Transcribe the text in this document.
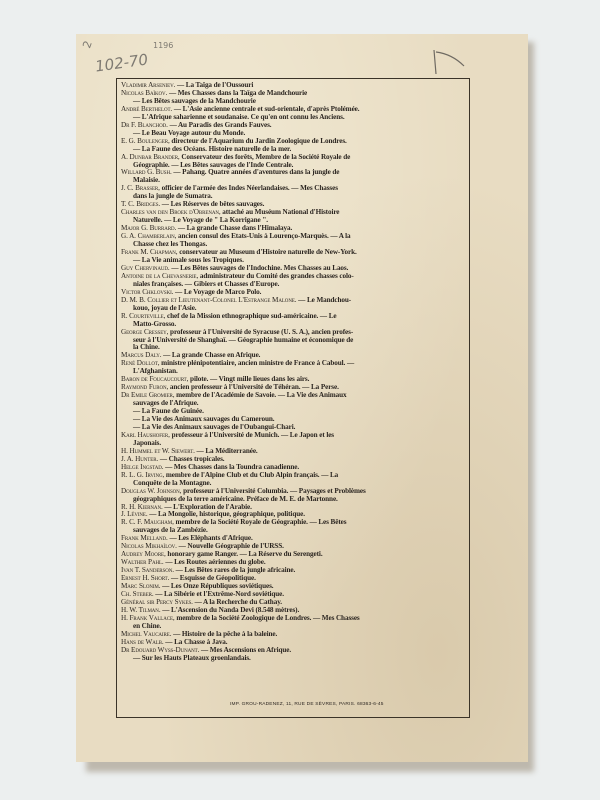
2
102-70
1196
Vladimir Arseniev. — La Taïga de l'Oussouri
Nicolas Baïkov. — Mes Chasses dans la Taïga de Mandchourie
— Les Bêtes sauvages de la Mandchourie
André Berthelot. — L'Asie ancienne centrale et sud-orientale, d'après Ptolémée.
— L'Afrique saharienne et soudanaise. Ce qu'en ont connu les Anciens.
Dr F. Blanchod. — Au Paradis des Grands Fauves.
— Le Beau Voyage autour du Monde.
E. G. Boulenger, directeur de l'Aquarium du Jardin Zoologique de Londres.
— La Faune des Océans. Histoire naturelle de la mer.
A. Dunbar Brander, Conservateur des forêts, Membre de la Société Royale de
Géographie. — Les Bêtes sauvages de l'Inde Centrale.
Willard G. Bush. — Pahang. Quatre années d'aventures dans la jungle de
Malaisie.
J. C. Brasser, officier de l'armée des Indes Néerlandaises. — Mes Chasses
dans la jungle de Sumatra.
T. C. Bridges. — Les Réserves de bêtes sauvages.
Charles van den Broek d'Obrenan, attaché au Muséum National d'Histoire
Naturelle. — Le Voyage de " La Korrigane ".
Major G. Burrard. — La grande Chasse dans l'Himalaya.
G. A. Chamberlain, ancien consul des États-Unis à Lourenço-Marquès. — A la
Chasse chez les Thongas.
Frank M. Chapman, conservateur au Museum d'Histoire naturelle de New-York.
— La Vie animale sous les Tropiques.
Guy Chervinaud. — Les Bêtes sauvages de l'Indochine. Mes Chasses au Laos.
Antoine de la Chevasnerie, administrateur du Comité des grandes chasses colo-
niales françaises. — Gibiers et Chasses d'Europe.
Victor Chklovski. — Le Voyage de Marco Polo.
D. M. B. Collier et Lieutenant-Colonel L'Estrange Malone. — Le Mandchou-
kouo, joyau de l'Asie.
R. Courteville, chef de la Mission ethnographique sud-américaine. — Le
Matto-Grosso.
George Cressey, professeur à l'Université de Syracuse (U. S. A.), ancien profes-
seur à l'Université de Shanghaï. — Géographie humaine et économique de
la Chine.
Marcus Daly. — La grande Chasse en Afrique.
René Dollot, ministre plénipotentiaire, ancien ministre de France à Caboul. —
L'Afghanistan.
Baron de Foucaucourt, pilote. — Vingt mille lieues dans les airs.
Raymond Furon, ancien professeur à l'Université de Téhéran. — La Perse.
Dr Émile Gromier, membre de l'Académie de Savoie. — La Vie des Animaux
sauvages de l'Afrique.
— La Faune de Guinée.
— La Vie des Animaux sauvages du Cameroun.
— La Vie des Animaux sauvages de l'Oubangui-Chari.
Karl Haushofer, professeur à l'Université de Munich. — Le Japon et les
Japonais.
H. Hummel et W. Siewert. — La Méditerranée.
J. A. Hunter. — Chasses tropicales.
Helge Ingstad. — Mes Chasses dans la Toundra canadienne.
R. L. G. Irving, membre de l'Alpine Club et du Club Alpin français. — La
Conquête de la Montagne.
Douglas W. Johnson, professeur à l'Université Columbia. — Paysages et Problèmes
géographiques de la terre américaine. Préface de M. E. de Martonne.
R. H. Kiernan. — L'Exploration de l'Arabie.
J. Lévine. — La Mongolie, historique, géographique, politique.
R. C. F. Maugham, membre de la Société Royale de Géographie. — Les Bêtes
sauvages de la Zambézie.
Frank Melland. — Les Éléphants d'Afrique.
Nicolas Mikhaïlov. — Nouvelle Géographie de l'URSS.
Audrey Moore, honorary game Ranger. — La Réserve du Serengeti.
Walther Pahl. — Les Routes aériennes du globe.
Ivan T. Sanderson. — Les Bêtes rares de la jungle africaine.
Ernest H. Short. — Esquisse de Géopolitique.
Marc Slonim. — Les Onze Républiques soviétiques.
Ch. Steber. — La Sibérie et l'Extrême-Nord soviétique.
Général sir Percy Sykes. — A la Recherche du Cathay.
H. W. Tilman. — L'Ascension du Nanda Devi (8.548 mètres).
H. Frank Vallace, membre de la Société Zoologique de Londres. — Mes Chasses
en Chine.
Michel Vaucaire. — Histoire de la pêche à la baleine.
Hans de Walb. — La Chasse à Java.
Dr Édouard Wyss-Dunant. — Mes Ascensions en Afrique.
— Sur les Hauts Plateaux groenlandais.
IMP. GROU-RADENEZ, 11, RUE DE SÈVRES, PARIS. 68363-6-45
